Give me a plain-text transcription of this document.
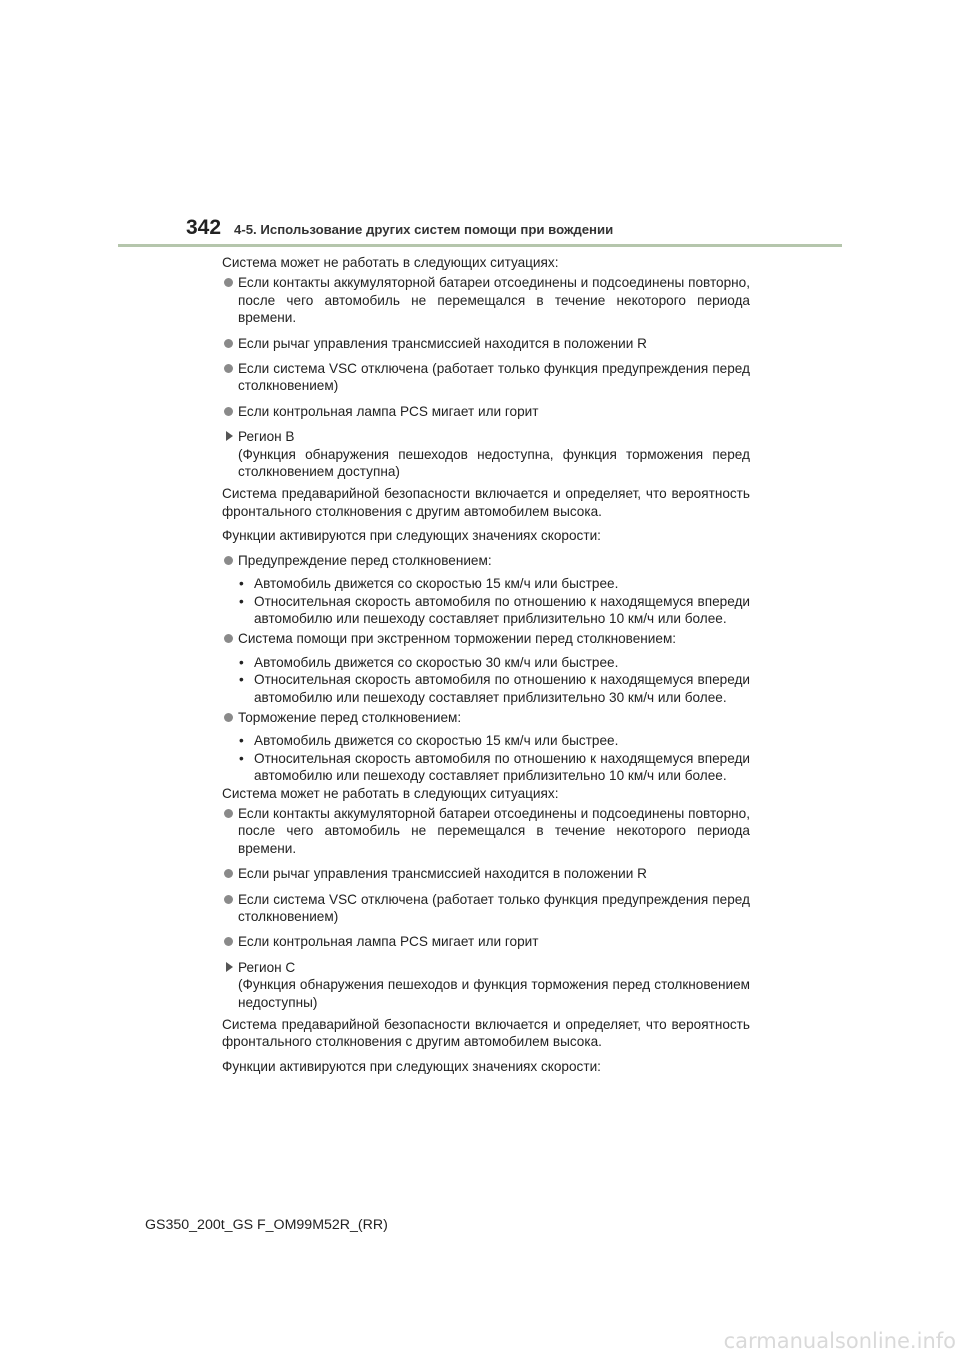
342 4-5. Использование других систем помощи при вождении

Система может не работать в следующих ситуациях:

Если контакты аккумуляторной батареи отсоединены и подсоединены повторно, после чего автомобиль не перемещался в течение некоторого периода времени.
Если рычаг управления трансмиссией находится в положении R
Если система VSC отключена (работает только функция предупреждения перед столкновением)
Если контрольная лампа PCS мигает или горит
Регион B
(Функция обнаружения пешеходов недоступна, функция торможения перед столкновением доступна)

Система предаварийной безопасности включается и определяет, что вероятность фронтального столкновения с другим автомобилем высока.

Функции активируются при следующих значениях скорости:

Предупреждение перед столкновением:
• Автомобиль движется со скоростью 15 км/ч или быстрее.
• Относительная скорость автомобиля по отношению к находящемуся впереди автомобилю или пешеходу составляет приблизительно 10 км/ч или более.
Система помощи при экстренном торможении перед столкновением:
• Автомобиль движется со скоростью 30 км/ч или быстрее.
• Относительная скорость автомобиля по отношению к находящемуся впереди автомобилю или пешеходу составляет приблизительно 30 км/ч или более.
Торможение перед столкновением:
• Автомобиль движется со скоростью 15 км/ч или быстрее.
• Относительная скорость автомобиля по отношению к находящемуся впереди автомобилю или пешеходу составляет приблизительно 10 км/ч или более.

Система может не работать в следующих ситуациях:

Если контакты аккумуляторной батареи отсоединены и подсоединены повторно, после чего автомобиль не перемещался в течение некоторого периода времени.
Если рычаг управления трансмиссией находится в положении R
Если система VSC отключена (работает только функция предупреждения перед столкновением)
Если контрольная лампа PCS мигает или горит
Регион C
(Функция обнаружения пешеходов и функция торможения перед столкновением недоступны)

Система предаварийной безопасности включается и определяет, что вероятность фронтального столкновения с другим автомобилем высока.

Функции активируются при следующих значениях скорости:

GS350_200t_GS F_OM99M52R_(RR)
carmanualsonline.info
